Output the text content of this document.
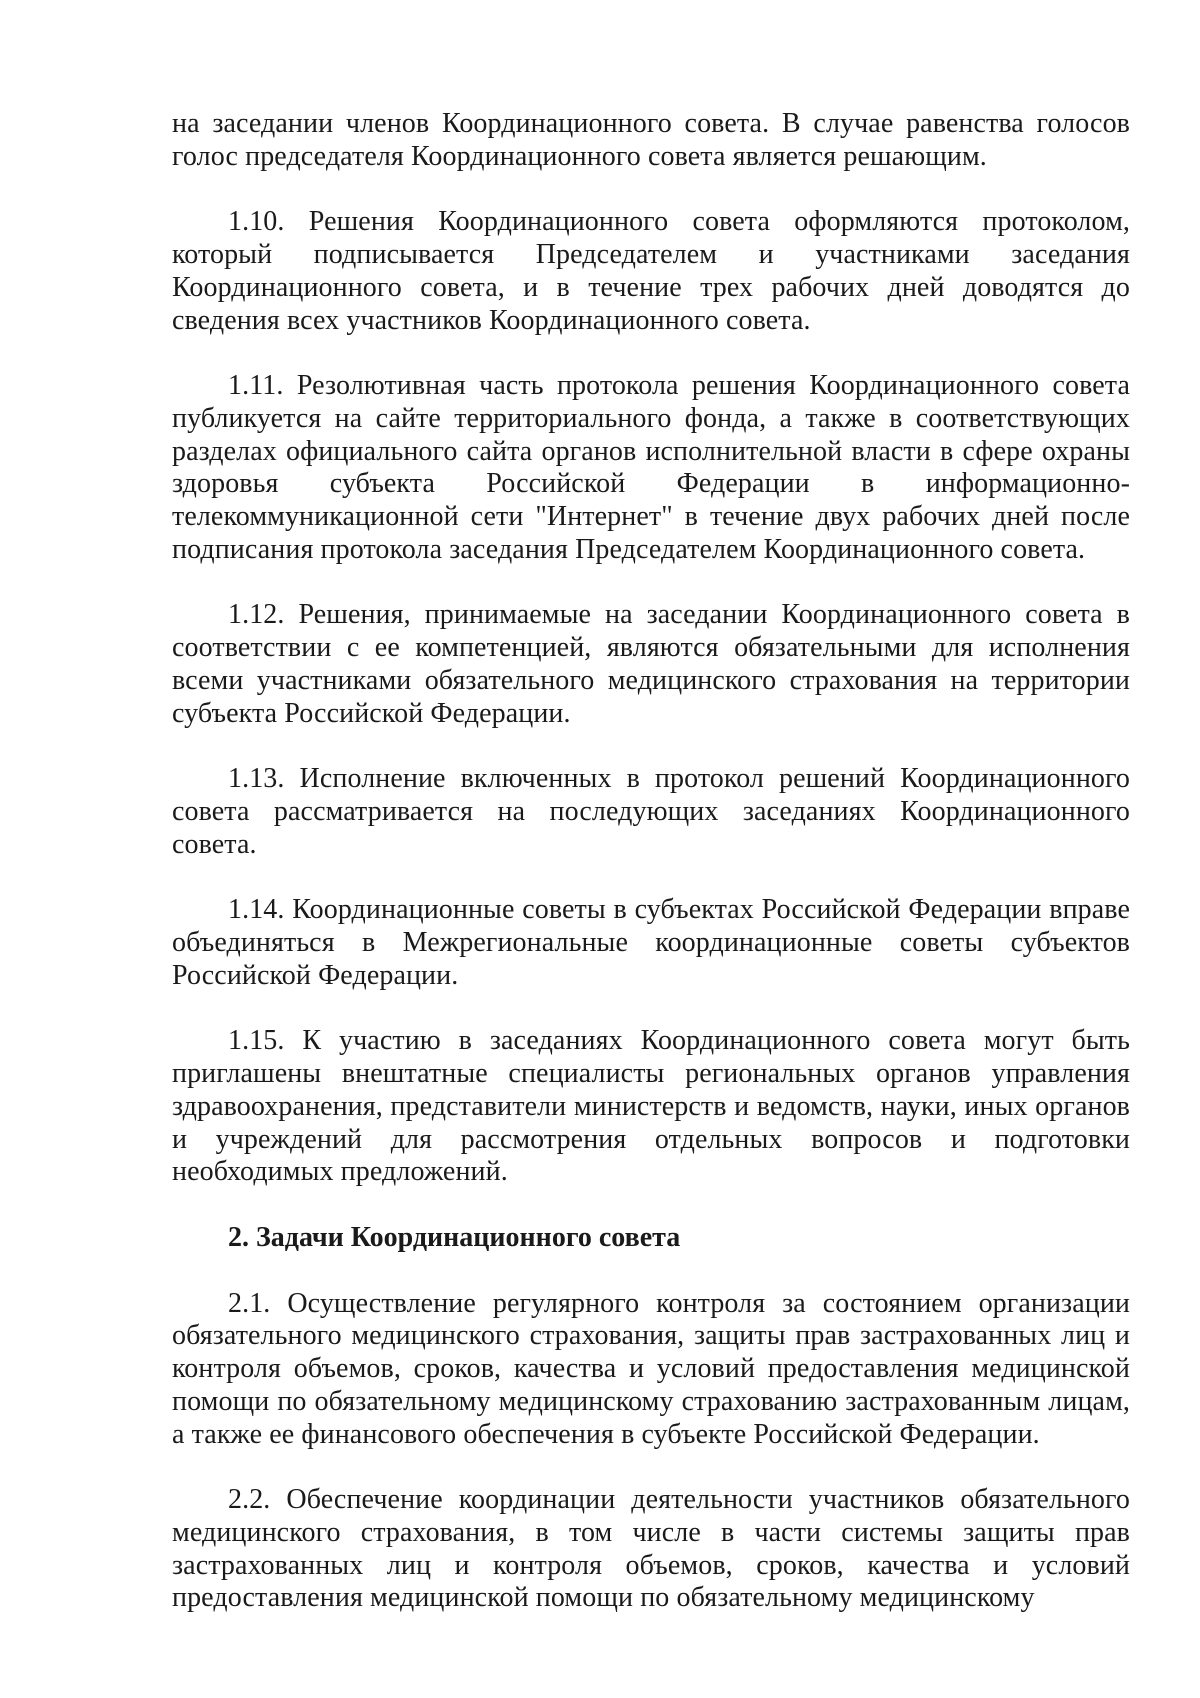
на заседании членов Координационного совета. В случае равенства голосов голос председателя Координационного совета является решающим.

1.10. Решения Координационного совета оформляются протоколом, который подписывается Председателем и участниками заседания Координационного совета, и в течение трех рабочих дней доводятся до сведения всех участников Координационного совета.

1.11. Резолютивная часть протокола решения Координационного совета публикуется на сайте территориального фонда, а также в соответствующих разделах официального сайта органов исполнительной власти в сфере охраны здоровья субъекта Российской Федерации в информационно-телекоммуникационной сети "Интернет" в течение двух рабочих дней после подписания протокола заседания Председателем Координационного совета.

1.12. Решения, принимаемые на заседании Координационного совета в соответствии с ее компетенцией, являются обязательными для исполнения всеми участниками обязательного медицинского страхования на территории субъекта Российской Федерации.

1.13. Исполнение включенных в протокол решений Координационного совета рассматривается на последующих заседаниях Координационного совета.

1.14. Координационные советы в субъектах Российской Федерации вправе объединяться в Межрегиональные координационные советы субъектов Российской Федерации.

1.15. К участию в заседаниях Координационного совета могут быть приглашены внештатные специалисты региональных органов управления здравоохранения, представители министерств и ведомств, науки, иных органов и учреждений для рассмотрения отдельных вопросов и подготовки необходимых предложений.

2. Задачи Координационного совета

2.1. Осуществление регулярного контроля за состоянием организации обязательного медицинского страхования, защиты прав застрахованных лиц и контроля объемов, сроков, качества и условий предоставления медицинской помощи по обязательному медицинскому страхованию застрахованным лицам, а также ее финансового обеспечения в субъекте Российской Федерации.

2.2. Обеспечение координации деятельности участников обязательного медицинского страхования, в том числе в части системы защиты прав застрахованных лиц и контроля объемов, сроков, качества и условий предоставления медицинской помощи по обязательному медицинскому
